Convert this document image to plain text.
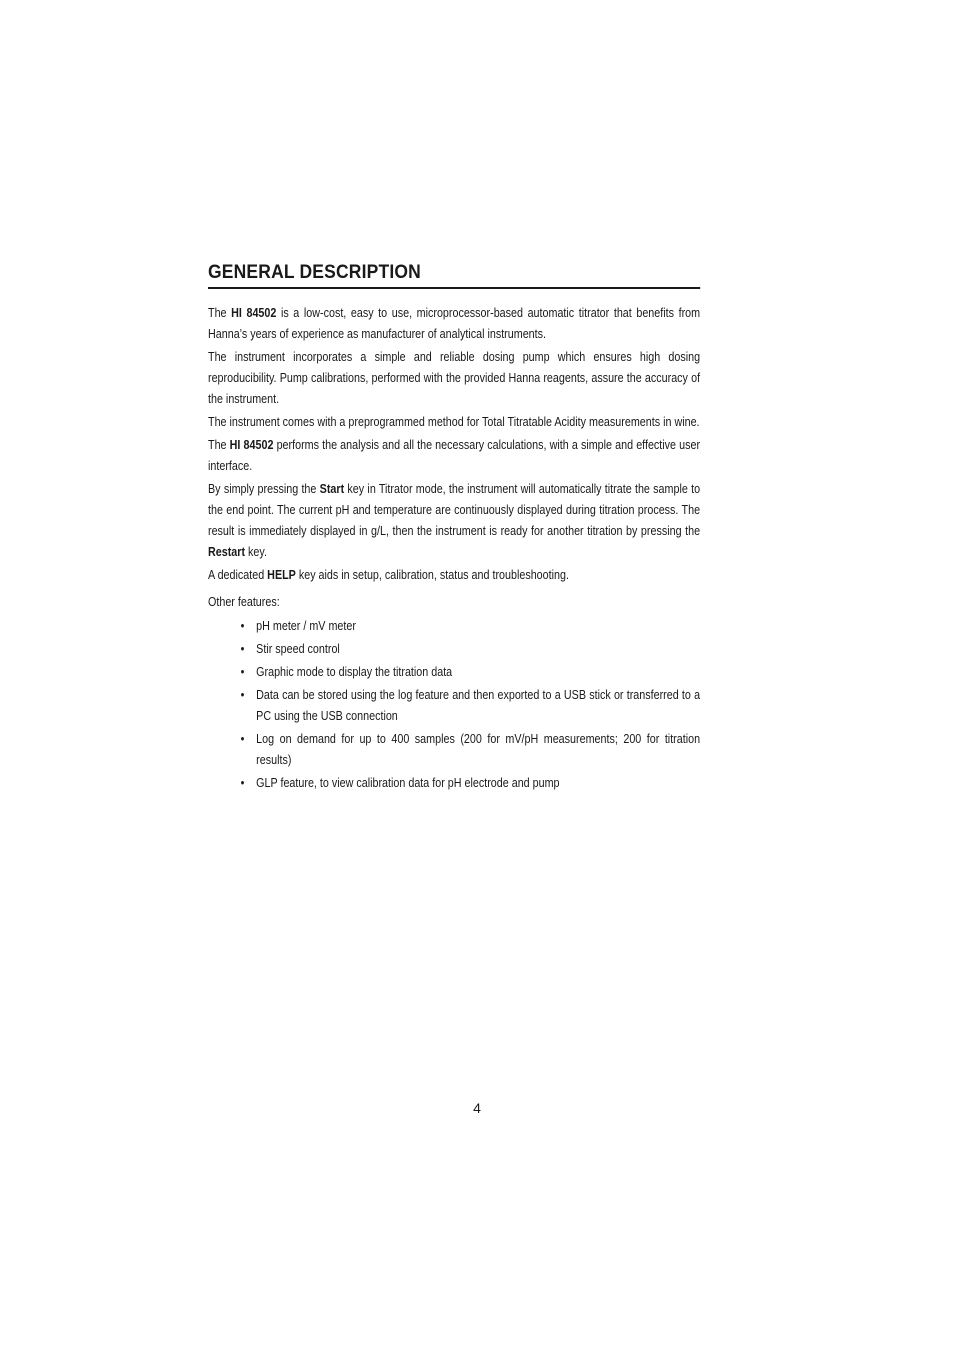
GENERAL DESCRIPTION

The HI 84502 is a low-cost, easy to use, microprocessor-based automatic titrator that benefits from Hanna’s years of experience as manufacturer of analytical instruments.

The instrument incorporates a simple and reliable dosing pump which ensures high dosing reproducibility. Pump calibrations, performed with the provided Hanna reagents, assure the accuracy of the instrument.

The instrument comes with a preprogrammed method for Total Titratable Acidity measurements in wine.

The HI 84502 performs the analysis and all the necessary calculations, with a simple and effective user interface.

By simply pressing the Start key in Titrator mode, the instrument will automatically titrate the sample to the end point. The current pH and temperature are continuously displayed during titration process. The result is immediately displayed in g/L, then the instrument is ready for another titration by pressing the Restart key.

A dedicated HELP key aids in setup, calibration, status and troubleshooting.

Other features:

• pH meter / mV meter
• Stir speed control
• Graphic mode to display the titration data
• Data can be stored using the log feature and then exported to a USB stick or transferred to a PC using the USB connection
• Log on demand for up to 400 samples (200 for mV/pH measurements; 200 for titration results)
• GLP feature, to view calibration data for pH electrode and pump
4
